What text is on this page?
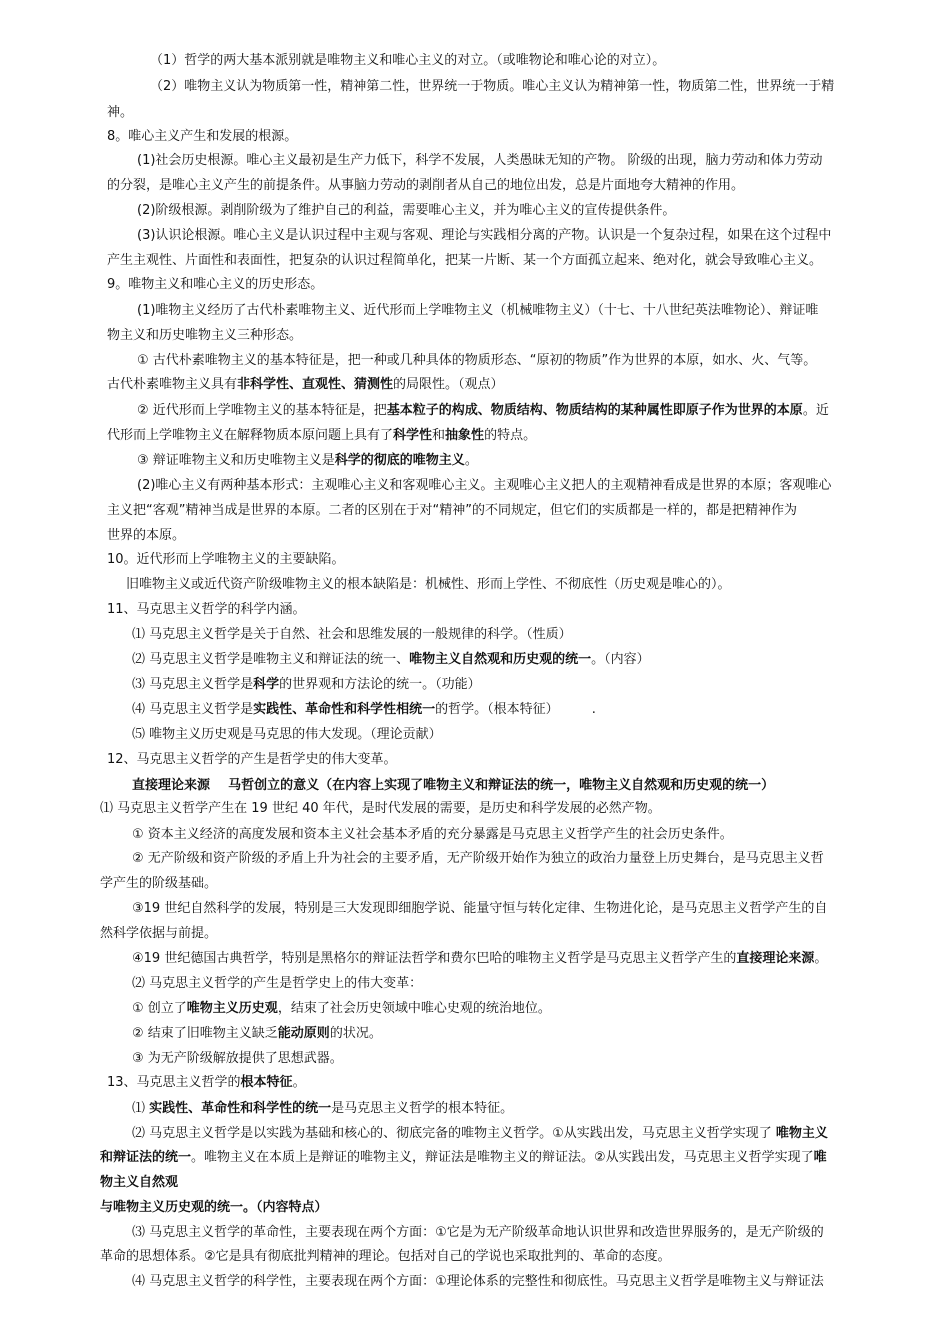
（1）哲学的两大基本派别就是唯物主义和唯心主义的对立。（或唯物论和唯心论的对立）。
（2）唯物主义认为物质第一性，精神第二性，世界统一于物质。唯心主义认为精神第一性，物质第二性，世界统一于精
神。
8。唯心主义产生和发展的根源。
(1)社会历史根源。唯心主义最初是生产力低下，科学不发展，人类愚昧无知的产物。 阶级的出现，脑力劳动和体力劳动
的分裂，是唯心主义产生的前提条件。从事脑力劳动的剥削者从自己的地位出发，总是片面地夸大精神的作用。
(2)阶级根源。剥削阶级为了维护自己的利益，需要唯心主义，并为唯心主义的宣传提供条件。
(3)认识论根源。唯心主义是认识过程中主观与客观、理论与实践相分离的产物。认识是一个复杂过程，如果在这个过程中
产生主观性、片面性和表面性，把复杂的认识过程简单化，把某一片断、某一个方面孤立起来、绝对化，就会导致唯心主义。
9。唯物主义和唯心主义的历史形态。
(1)唯物主义经历了古代朴素唯物主义、近代形而上学唯物主义（机械唯物主义）（十七、十八世纪英法唯物论）、辩证唯
物主义和历史唯物主义三种形态。
① 古代朴素唯物主义的基本特征是，把一种或几种具体的物质形态、“原初的物质”作为世界的本原，如水、火、气等。
古代朴素唯物主义具有非科学性、直观性、猜测性的局限性。（观点）
② 近代形而上学唯物主义的基本特征是，把基本粒子的构成、物质结构、物质结构的某种属性即原子作为世界的本原。近
代形而上学唯物主义在解释物质本原问题上具有了科学性和抽象性的特点。
③ 辩证唯物主义和历史唯物主义是科学的彻底的唯物主义。
(2)唯心主义有两种基本形式：主观唯心主义和客观唯心主义。主观唯心主义把人的主观精神看成是世界的本原；客观唯心
主义把“客观”精神当成是世界的本原。二者的区别在于对“精神”的不同规定，但它们的实质都是一样的，都是把精神作为
世界的本原。
10。近代形而上学唯物主义的主要缺陷。
旧唯物主义或近代资产阶级唯物主义的根本缺陷是：机械性、形而上学性、不彻底性（历史观是唯心的）。
11、马克思主义哲学的科学内涵。
⑴ 马克思主义哲学是关于自然、社会和思维发展的一般规律的科学。（性质）
⑵ 马克思主义哲学是唯物主义和辩证法的统一、唯物主义自然观和历史观的统一。（内容）
⑶ 马克思主义哲学是科学的世界观和方法论的统一。（功能）
⑷ 马克思主义哲学是实践性、革命性和科学性相统一的哲学。（根本特征）        .
⑸ 唯物主义历史观是马克思的伟大发现。（理论贡献）
12、马克思主义哲学的产生是哲学史的伟大变革。
直接理论来源    马哲创立的意义（在内容上实现了唯物主义和辩证法的统一，唯物主义自然观和历史观的统一）
⑴ 马克思主义哲学产生在 19 世纪 40 年代，是时代发展的需要，是历史和科学发展的必然产物。
① 资本主义经济的高度发展和资本主义社会基本矛盾的充分暴露是马克思主义哲学产生的社会历史条件。
② 无产阶级和资产阶级的矛盾上升为社会的主要矛盾，无产阶级开始作为独立的政治力量登上历史舞台，是马克思主义哲
学产生的阶级基础。
③19 世纪自然科学的发展，特别是三大发现即细胞学说、能量守恒与转化定律、生物进化论，是马克思主义哲学产生的自
然科学依据与前提。
④19 世纪德国古典哲学，特别是黑格尔的辩证法哲学和费尔巴哈的唯物主义哲学是马克思主义哲学产生的直接理论来源。
⑵ 马克思主义哲学的产生是哲学史上的伟大变革：
① 创立了唯物主义历史观，结束了社会历史领域中唯心史观的统治地位。
② 结束了旧唯物主义缺乏能动原则的状况。
③ 为无产阶级解放提供了思想武器。
13、马克思主义哲学的根本特征。
⑴ 实践性、革命性和科学性的统一是马克思主义哲学的根本特征。
⑵ 马克思主义哲学是以实践为基础和核心的、彻底完备的唯物主义哲学。①从实践出发，马克思主义哲学实现了 唯物主义
和辩证法的统一。唯物主义在本质上是辩证的唯物主义，辩证法是唯物主义的辩证法。②从实践出发，马克思主义哲学实现了唯
物主义自然观
与唯物主义历史观的统一。（内容特点）
⑶ 马克思主义哲学的革命性，主要表现在两个方面：①它是为无产阶级革命地认识世界和改造世界服务的，是无产阶级的
革命的思想体系。②它是具有彻底批判精神的理论。包括对自己的学说也采取批判的、革命的态度。
⑷ 马克思主义哲学的科学性，主要表现在两个方面：①理论体系的完整性和彻底性。马克思主义哲学是唯物主义与辩证法
